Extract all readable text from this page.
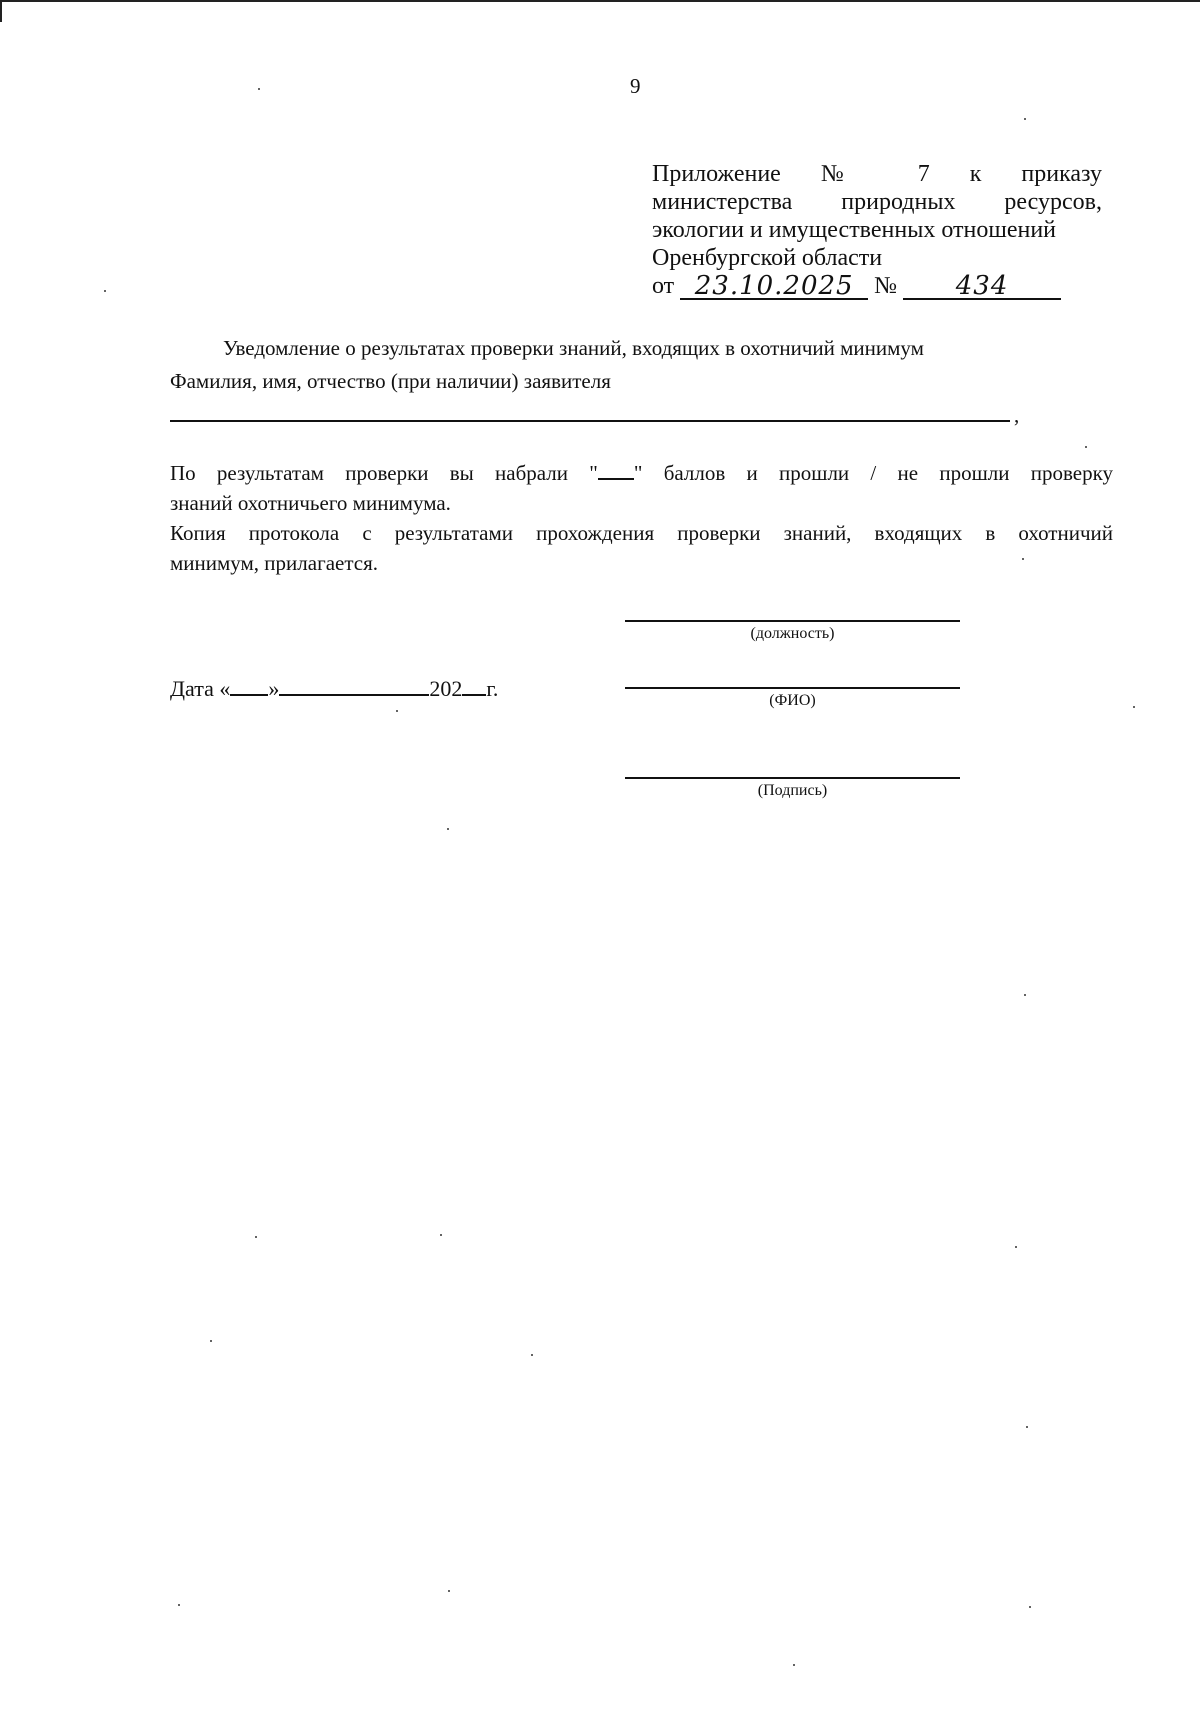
9
Приложение № 7 к приказу
министерства природных ресурсов,
экологии и имущественных отношений
Оренбургской области
от 23.10.2025 № 434
Уведомление о результатах проверки знаний, входящих в охотничий минимум
Фамилия, имя, отчество (при наличии) заявителя
,
По результатам проверки вы набрали " " баллов и прошли / не прошли проверку
знаний охотничьего минимума.
Копия протокола с результатами прохождения проверки знаний, входящих в охотничий
минимум, прилагается.
(должность)
(ФИО)
(Подпись)
Дата « »	202 г.
